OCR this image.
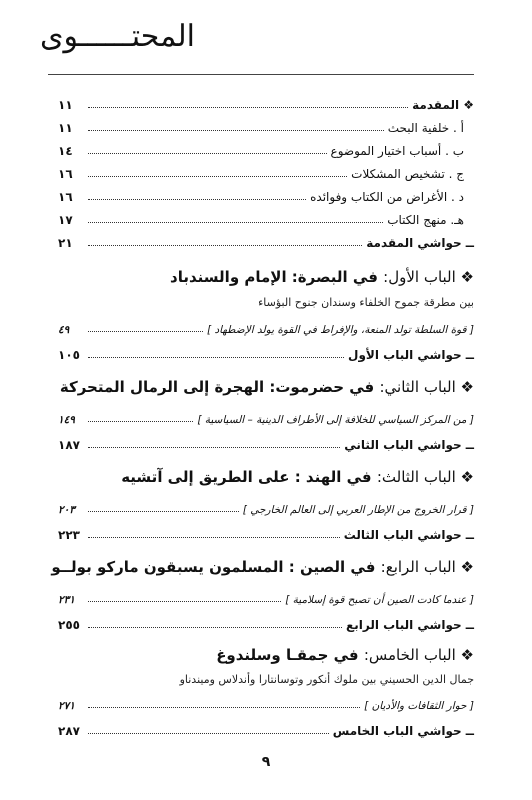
المحتــــــوى
❖ المقدمة
١١
أ . خلفية البحث
١١
ب . أسباب اختيار الموضوع
١٤
ج . تشخيص المشكلات
١٦
د . الأغراض من الكتاب وفوائده
١٦
هـ. منهج الكتاب
١٧
ــ حواشي المقدمة
٢١
❖ الباب الأول: في البصرة: الإمام والسندباد
بين مطرقة جموح الخلفاء وسندان جنوح البؤساء
[ قوة السلطة تولد المنعة، والإفراط في القوة يولد الإضطهاد ]
٤٩
ــ حواشي الباب الأول
١٠٥
❖ الباب الثاني: في حضرموت: الهجرة إلى الرمال المتحركة
[ من المركز السياسي للخلافة إلى الأطراف الدينية – السياسية ]
١٤٩
ــ حواشي الباب الثاني
١٨٧
❖ الباب الثالث: في الهند : على الطريق إلى آتشيه
[ قرار الخروج من الإطار العربي إلى العالم الخارجي ]
٢٠٣
ــ حواشي الباب الثالث
٢٢٣
❖ الباب الرابع: في الصين : المسلمون يسبقون ماركو بولــو
[ عندما كادت الصين أن تصبح قوة إسلامية ]
٢٣١
ــ حواشي الباب الرابع
٢٥٥
❖ الباب الخامس: في جمقـا وسلندوغ
جمال الدين الحسيني بين ملوك أنكور وتوسانتارا وأندلاس وميندناو
[ حوار الثقافات والأديان ]
٢٧١
ــ حواشي الباب الخامس
٢٨٧
٩
